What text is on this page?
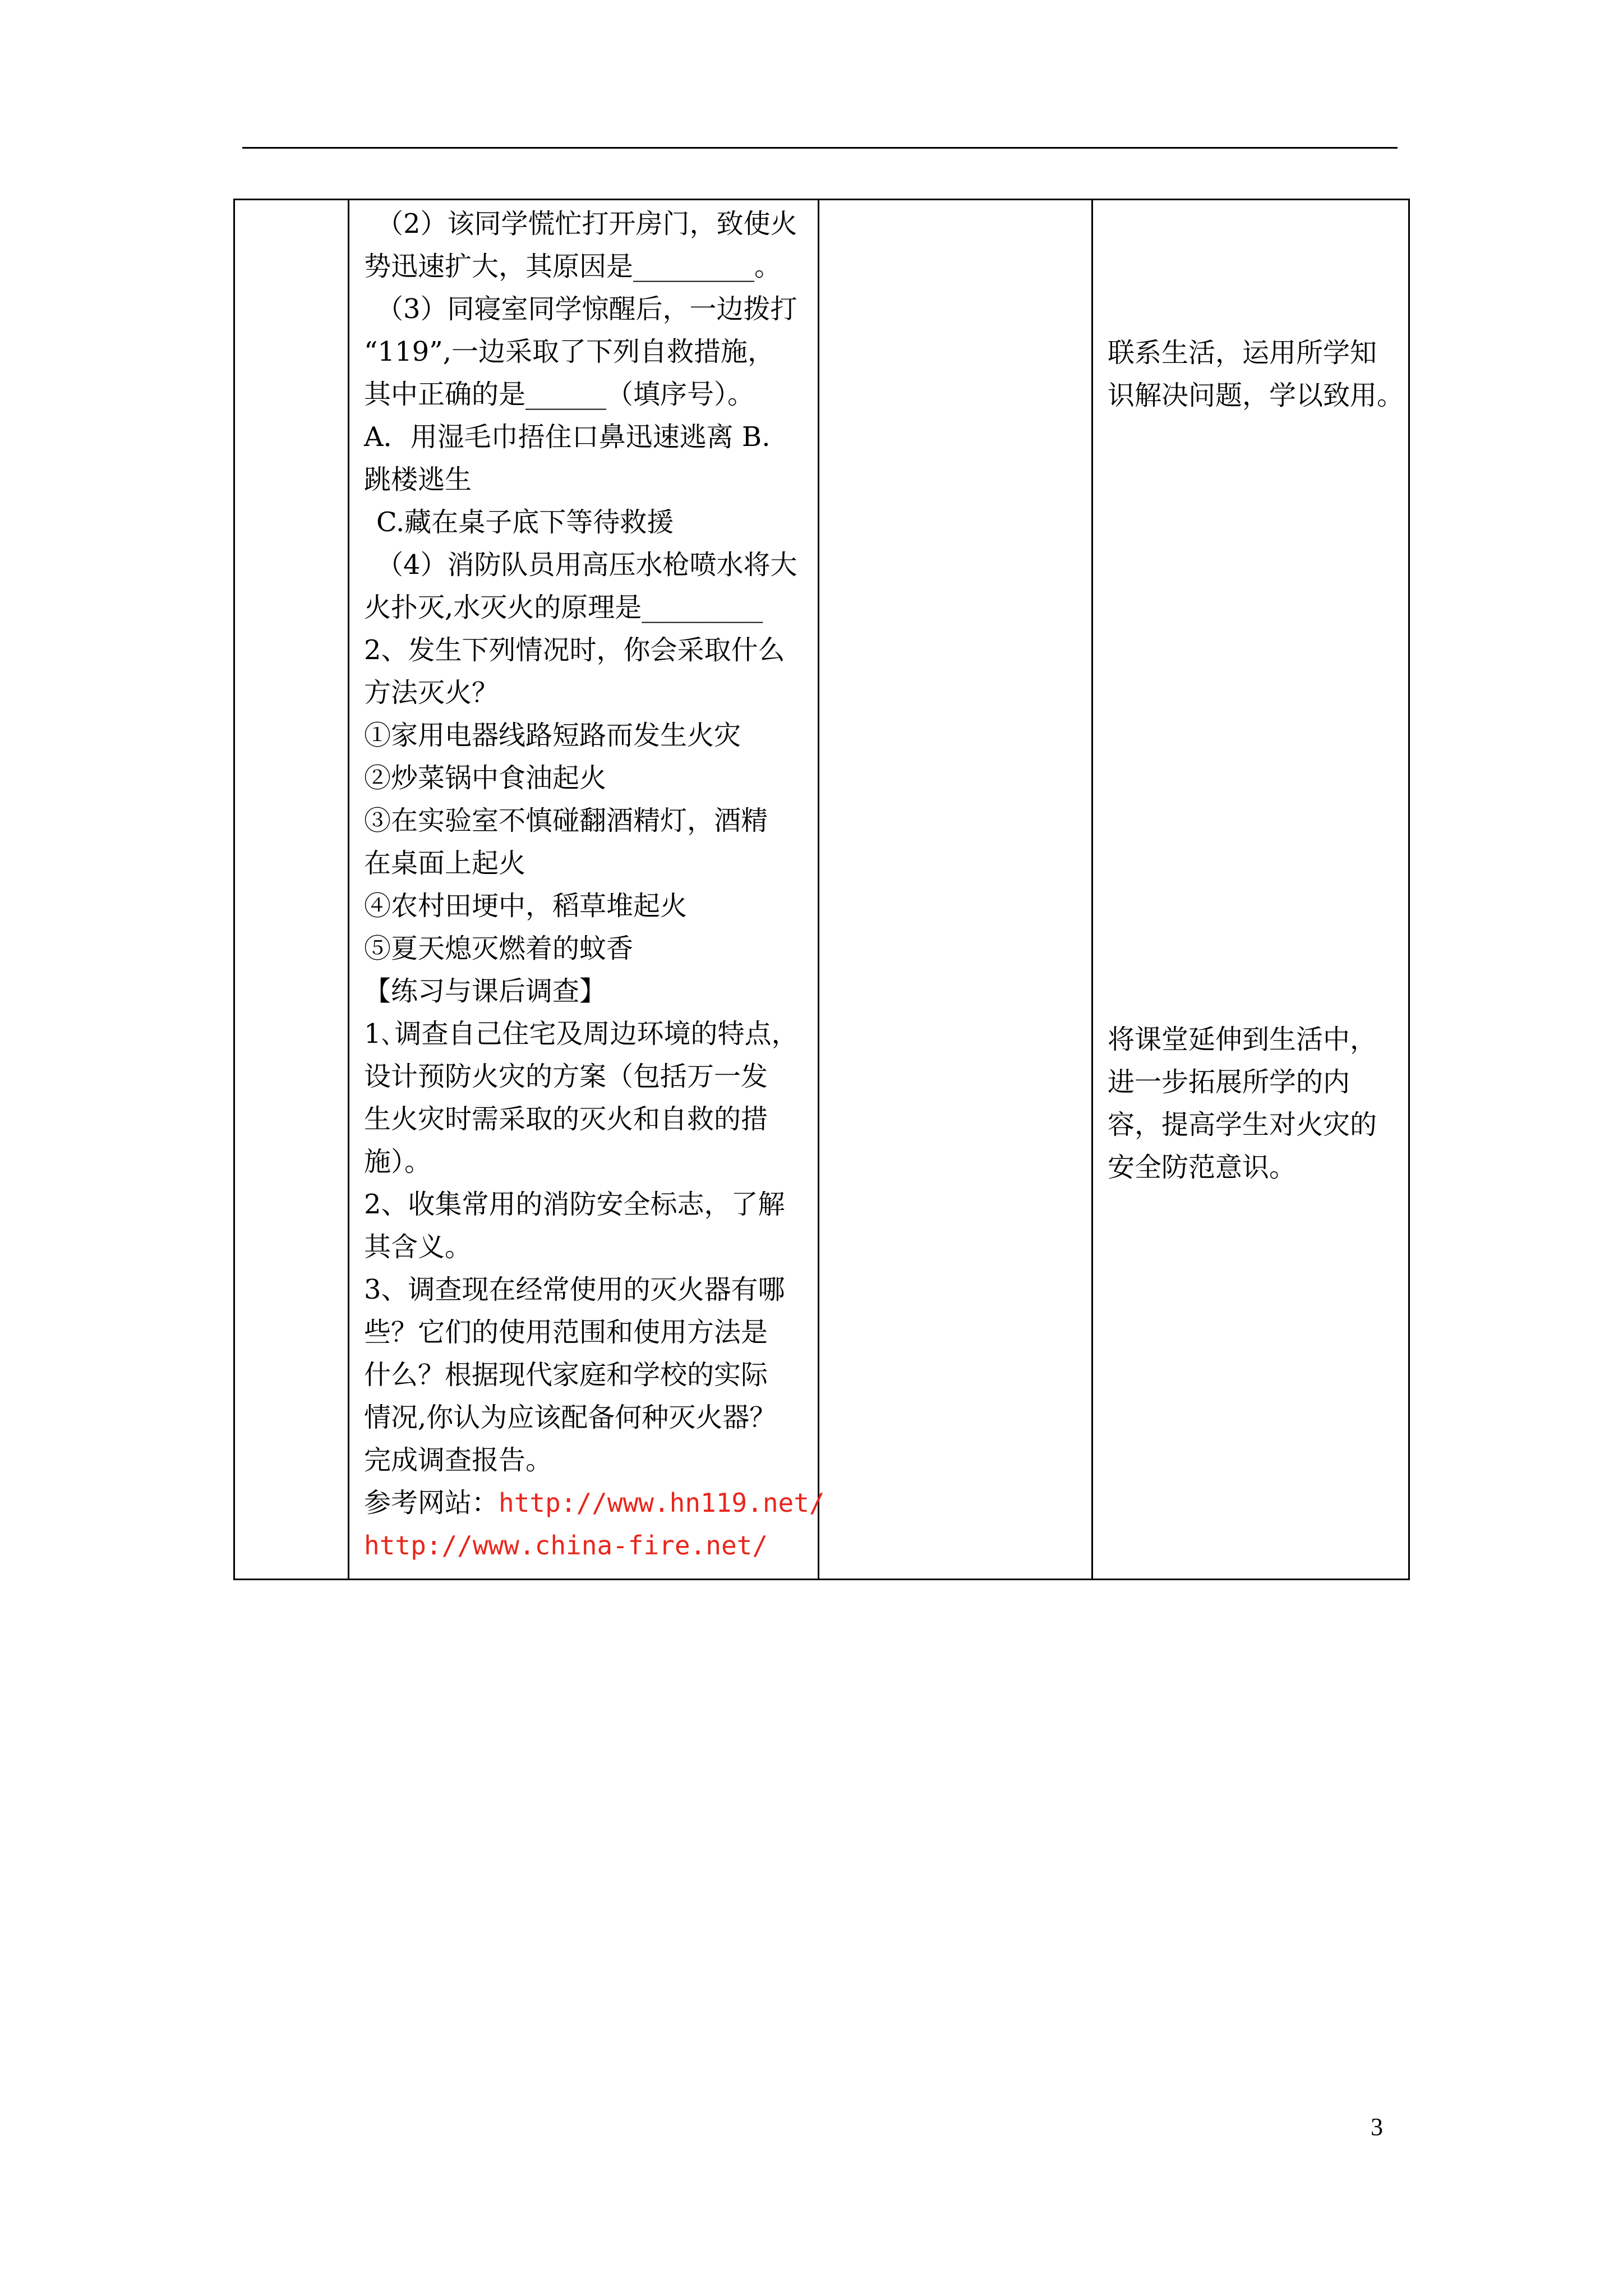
（2）该同学慌忙打开房门，致使火
势迅速扩大，其原因是_________。
（3）同寝室同学惊醒后，一边拨打
“119”,一边采取了下列自救措施，
其中正确的是______（填序号）。
A．用湿毛巾捂住口鼻迅速逃离 B.
跳楼逃生
C.藏在桌子底下等待救援
（4）消防队员用高压水枪喷水将大
火扑灭,水灭火的原理是_________
2、发生下列情况时，你会采取什么
方法灭火？
①家用电器线路短路而发生火灾
②炒菜锅中食油起火
③在实验室不慎碰翻酒精灯，酒精
在桌面上起火
④农村田埂中，稻草堆起火
⑤夏天熄灭燃着的蚊香
【练习与课后调查】
1､调查自己住宅及周边环境的特点，
设计预防火灾的方案（包括万一发
生火灾时需采取的灭火和自救的措
施）。
2、收集常用的消防安全标志，了解
其含义。
3、调查现在经常使用的灭火器有哪
些？它们的使用范围和使用方法是
什么？根据现代家庭和学校的实际
情况,你认为应该配备何种灭火器？
完成调查报告。
参考网站：http://www.hn119.net/
http://www.china-fire.net/
联系生活，运用所学知
识解决问题，学以致用。
将课堂延伸到生活中，
进一步拓展所学的内
容，提高学生对火灾的
安全防范意识。
3
